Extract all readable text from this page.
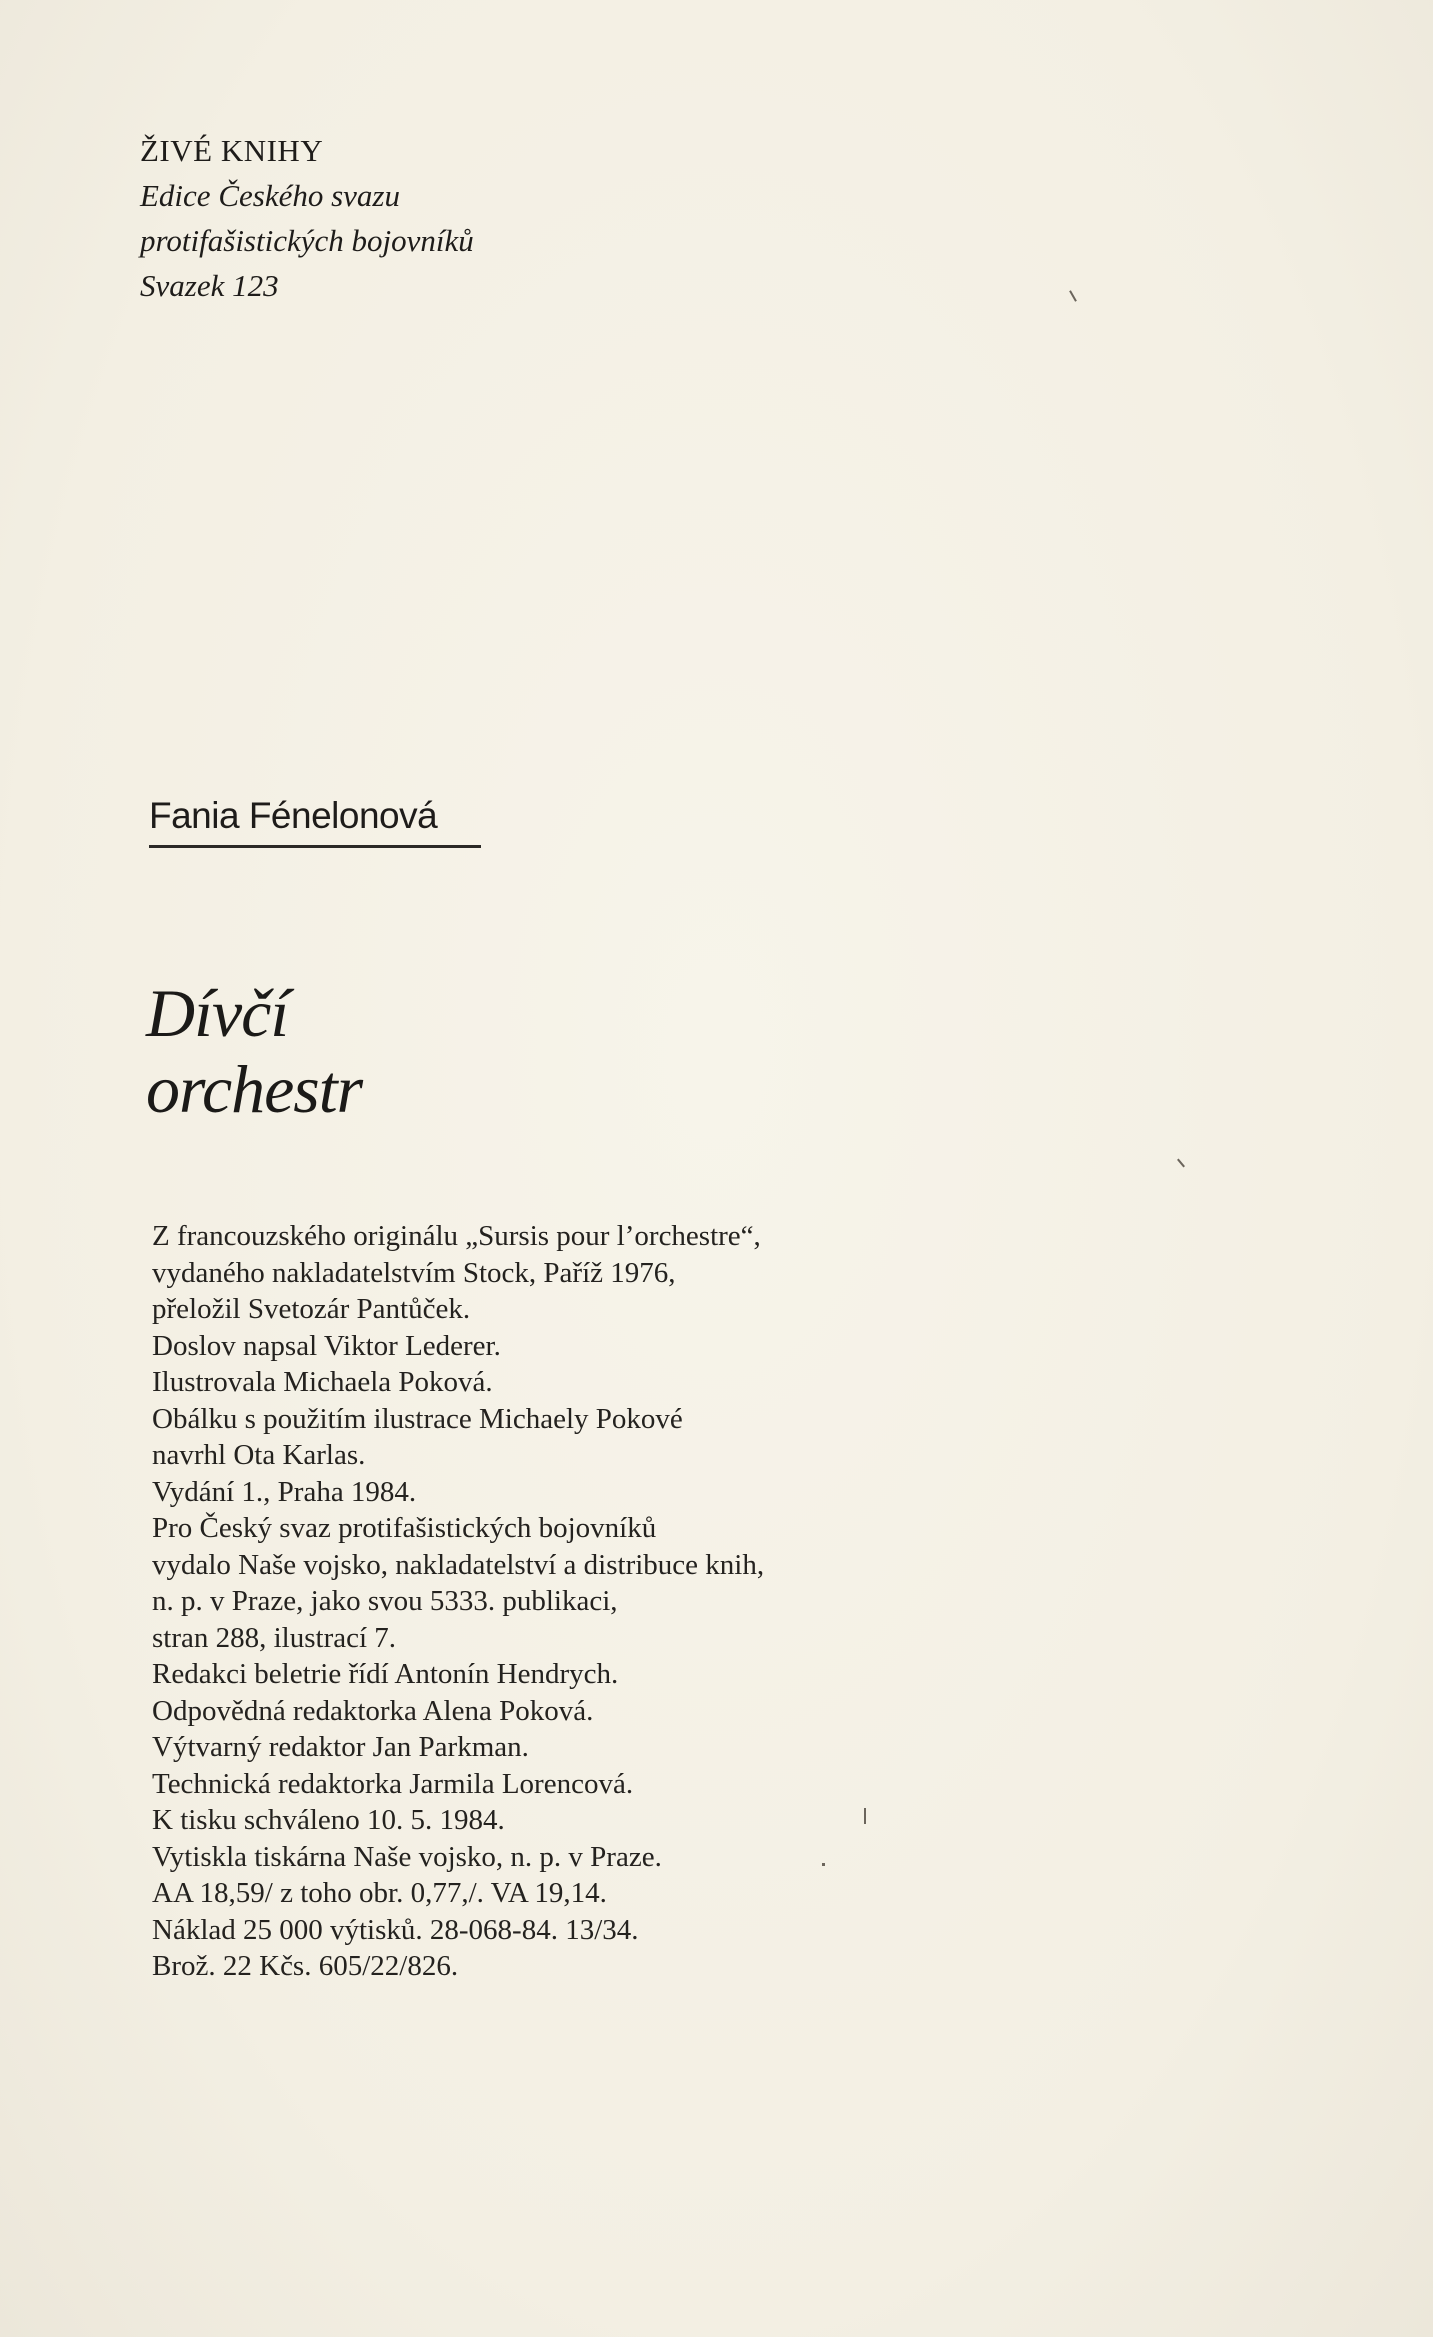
ŽIVÉ KNIHY
Edice Českého svazu
protifašistických bojovníků
Svazek 123
Fania Fénelonová
Dívčí
orchestr
Z francouzského originálu „Sursis pour l’orchestre“,
vydaného nakladatelstvím Stock, Paříž 1976,
přeložil Svetozár Pantůček.
Doslov napsal Viktor Lederer.
Ilustrovala Michaela Poková.
Obálku s použitím ilustrace Michaely Pokové
navrhl Ota Karlas.
Vydání 1., Praha 1984.
Pro Český svaz protifašistických bojovníků
vydalo Naše vojsko, nakladatelství a distribuce knih,
n. p. v Praze, jako svou 5333. publikaci,
stran 288, ilustrací 7.
Redakci beletrie řídí Antonín Hendrych.
Odpovědná redaktorka Alena Poková.
Výtvarný redaktor Jan Parkman.
Technická redaktorka Jarmila Lorencová.
K tisku schváleno 10. 5. 1984.
Vytiskla tiskárna Naše vojsko, n. p. v Praze.
AA 18,59/ z toho obr. 0,77,/. VA 19,14.
Náklad 25 000 výtisků. 28-068-84. 13/34.
Brož. 22 Kčs. 605/22/826.
